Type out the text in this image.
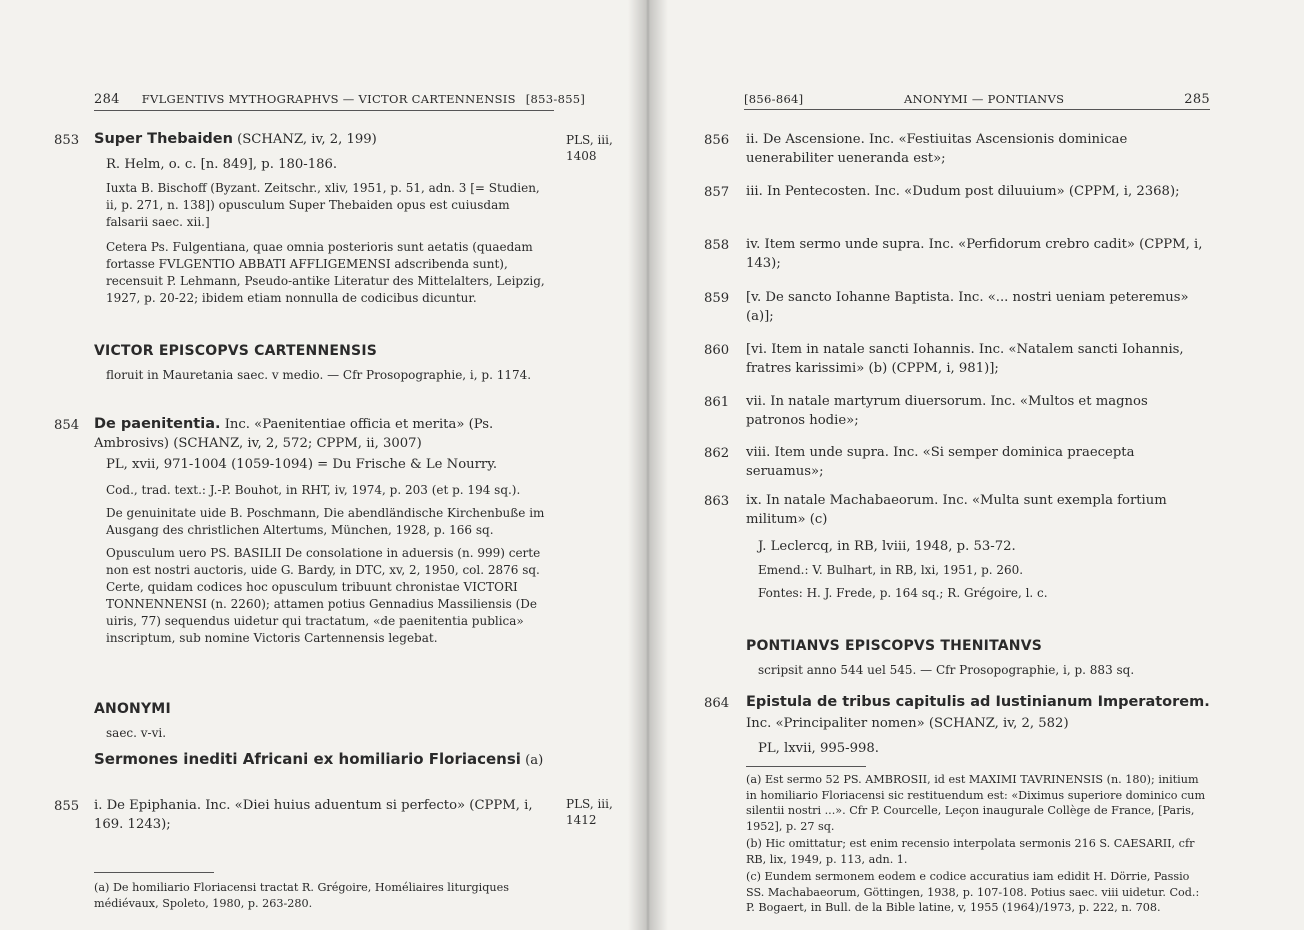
284 FVLGENTIVS MYTHOGRAPHVS — VICTOR CARTENNENSIS [853-855]
853 Super Thebaiden (SCHANZ, iv, 2, 199)

R. Helm, o. c. [n. 849], p. 180-186.

Iuxta B. Bischoff (Byzant. Zeitschr., xliv, 1951, p. 51, adn. 3 [= Studien, ii, p. 271, n. 138]) opusculum Super Thebaiden opus est cuiusdam falsarii saec. xii.]

Cetera Ps. Fulgentiana, quae omnia posterioris sunt aetatis (quaedam fortasse FVLGENTIO ABBATI AFFLIGEMENSI adscribenda sunt), recensuit P. Lehmann, Pseudo-antike Literatur des Mittelalters, Leipzig, 1927, p. 20-22; ibidem etiam nonnulla de codicibus dicuntur.

PLS, iii, 1408

VICTOR EPISCOPVS CARTENNENSIS

floruit in Mauretania saec. v medio. — Cfr Prosopographie, i, p. 1174.

854 De paenitentia. Inc. «Paenitentiae officia et merita» (Ps. Ambrosivs) (SCHANZ, iv, 2, 572; CPPM, ii, 3007)

PL, xvii, 971-1004 (1059-1094) = Du Frische & Le Nourry.

Cod., trad. text.: J.-P. Bouhot, in RHT, iv, 1974, p. 203 (et p. 194 sq.).

De genuinitate uide B. Poschmann, Die abendländische Kirchenbuße im Ausgang des christlichen Altertums, München, 1928, p. 166 sq.

Opusculum uero PS. BASILII De consolatione in aduersis (n. 999) certe non est nostri auctoris, uide G. Bardy, in DTC, xv, 2, 1950, col. 2876 sq. Certe, quidam codices hoc opusculum tribuunt chronistae VICTORI TONNENNENSI (n. 2260); attamen potius Gennadius Massiliensis (De uiris, 77) sequendus uidetur qui tractatum, «de paenitentia publica» inscriptum, sub nomine Victoris Cartennensis legebat.

ANONYMI

saec. v-vi.

Sermones inediti Africani ex homiliario Floriacensi (a)

855 i. De Epiphania. Inc. «Diei huius aduentum si perfecto» (CPPM, i, 169. 1243);

PLS, iii, 1412
(a) De homiliario Floriacensi tractat R. Grégoire, Homéliaires liturgiques médiévaux, Spoleto, 1980, p. 263-280.
[856-864]	ANONYMI — PONTIANVS	285
856 ii. De Ascensione. Inc. «Festiuitas Ascensionis dominicae uenerabiliter ueneranda est»;
857 iii. In Pentecosten. Inc. «Dudum post diluuium» (CPPM, i, 2368);
858 iv. Item sermo unde supra. Inc. «Perfidorum crebro cadit» (CPPM, i, 143);
859 [v. De sancto Iohanne Baptista. Inc. «... nostri ueniam peteremus» (a)];
860 [vi. Item in natale sancti Iohannis. Inc. «Natalem sancti Iohannis, fratres karissimi» (b) (CPPM, i, 981)];
861 vii. In natale martyrum diuersorum. Inc. «Multos et magnos patronos hodie»;
862 viii. Item unde supra. Inc. «Si semper dominica praecepta seruamus»;
863 ix. In natale Machabaeorum. Inc. «Multa sunt exempla fortium militum» (c)

J. Leclercq, in RB, lviii, 1948, p. 53-72.

Emend.: V. Bulhart, in RB, lxi, 1951, p. 260.

Fontes: H. J. Frede, p. 164 sq.; R. Grégoire, l. c.

PONTIANVS EPISCOPVS THENITANVS

scripsit anno 544 uel 545. — Cfr Prosopographie, i, p. 883 sq.

864 Epistula de tribus capitulis ad Iustinianum Imperatorem.

Inc. «Principaliter nomen» (SCHANZ, iv, 2, 582)

PL, lxvii, 995-998.

(a) Est sermo 52 PS. AMBROSII, id est MAXIMI TAVRINENSIS (n. 180); initium in homiliario Floriacensi sic restituendum est: «Diximus superiore dominico cum silentii nostri ...». Cfr P. Courcelle, Leçon inaugurale Collège de France, [Paris, 1952], p. 27 sq.

(b) Hic omittatur; est enim recensio interpolata sermonis 216 S. CAESARII, cfr RB, lix, 1949, p. 113, adn. 1.

(c) Eundem sermonem eodem e codice accuratius iam edidit H. Dörrie, Passio SS. Machabaeorum, Göttingen, 1938, p. 107-108. Potius saec. viii uidetur. Cod.: P. Bogaert, in Bull. de la Bible latine, v, 1955 (1964)/1973, p. 222, n. 708.
